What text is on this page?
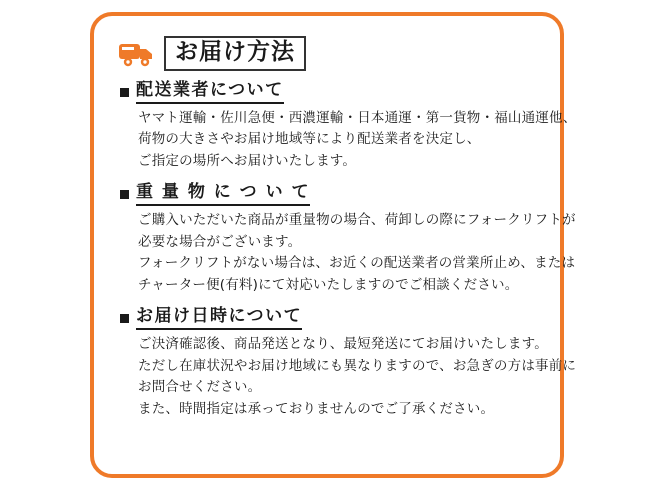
お届け方法
配送業者について
ヤマト運輸・佐川急便・西濃運輸・日本通運・第一貨物・福山通運他、
荷物の大きさやお届け地域等により配送業者を決定し、
ご指定の場所へお届けいたします。
重 量 物 に つ い て
ご購入いただいた商品が重量物の場合、荷卸しの際にフォークリフトが
必要な場合がございます。
フォークリフトがない場合は、お近くの配送業者の営業所止め、または
チャーター便(有料)にて対応いたしますのでご相談ください。
お届け日時について
ご決済確認後、商品発送となり、最短発送にてお届けいたします。
ただし在庫状況やお届け地域にも異なりますので、お急ぎの方は事前に
お問合せください。
また、時間指定は承っておりませんのでご了承ください。
